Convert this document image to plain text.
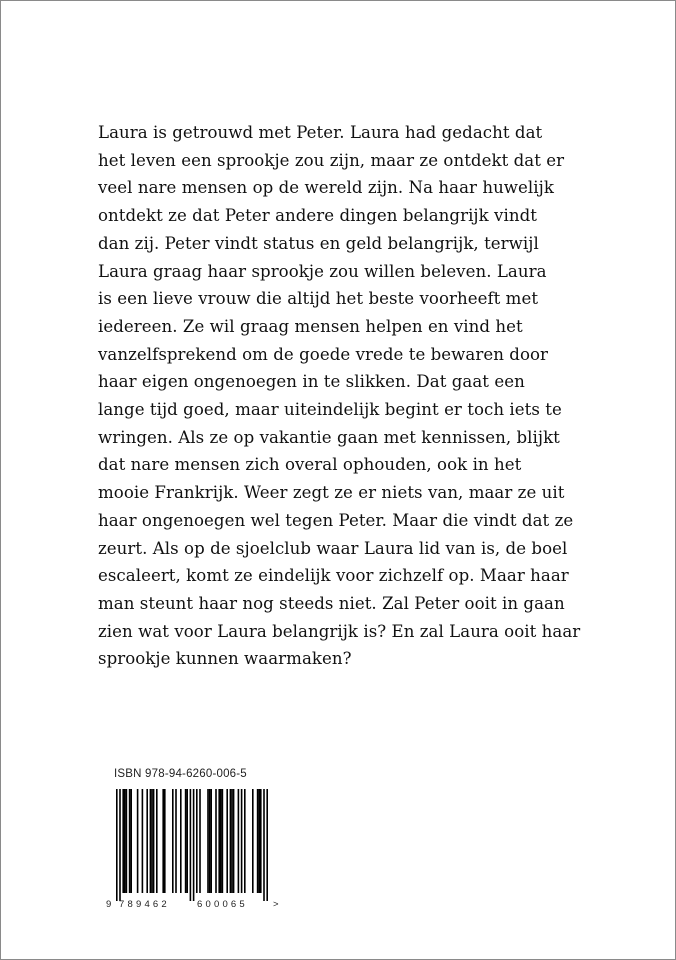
Laura is getrouwd met Peter. Laura had gedacht dat
het leven een sprookje zou zijn, maar ze ontdekt dat er
veel nare mensen op de wereld zijn. Na haar huwelijk
ontdekt ze dat Peter andere dingen belangrijk vindt
dan zij. Peter vindt status en geld belangrijk, terwijl
Laura graag haar sprookje zou willen beleven. Laura
is een lieve vrouw die altijd het beste voorheeft met
iedereen. Ze wil graag mensen helpen en vind het
vanzelfsprekend om de goede vrede te bewaren door
haar eigen ongenoegen in te slikken. Dat gaat een
lange tijd goed, maar uiteindelijk begint er toch iets te
wringen. Als ze op vakantie gaan met kennissen, blijkt
dat nare mensen zich overal ophouden, ook in het
mooie Frankrijk. Weer zegt ze er niets van, maar ze uit
haar ongenoegen wel tegen Peter. Maar die vindt dat ze
zeurt. Als op de sjoelclub waar Laura lid van is, de boel
escaleert, komt ze eindelijk voor zichzelf op. Maar haar
man steunt haar nog steeds niet. Zal Peter ooit in gaan
zien wat voor Laura belangrijk is? En zal Laura ooit haar
sprookje kunnen waarmaken?

ISBN 978-94-6260-006-5
9 789462	600065	>
